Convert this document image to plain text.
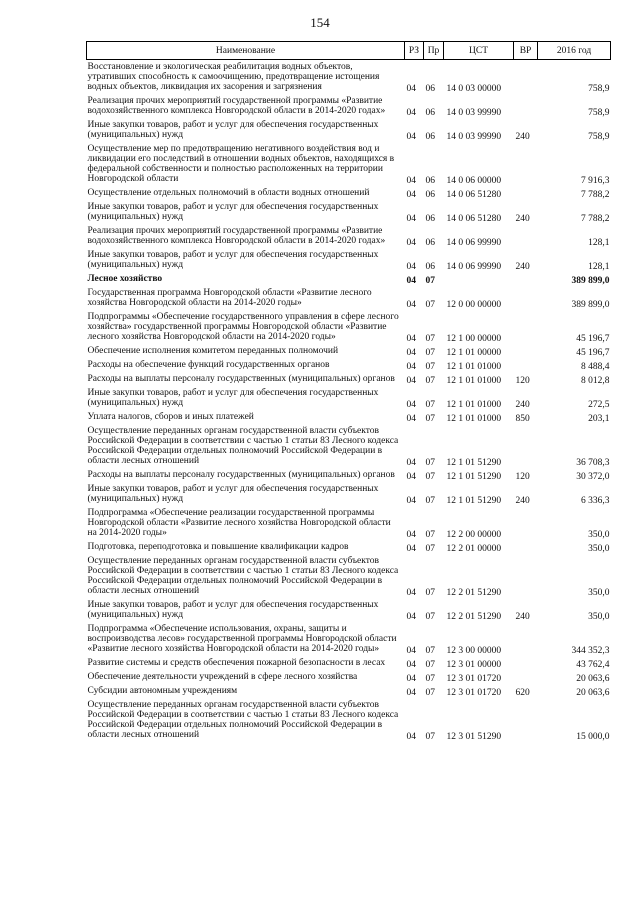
154
Наименование	РЗ	Пр	ЦСТ	ВР	2016 год
Восстановление и экологическая реабилитация водных объектов, утративших способность к самоочищению, предотвращение истощения водных объектов, ликвидация их засорения и загрязнения	04	06	14 0 03 00000		758,9
Реализация прочих мероприятий государственной программы «Развитие водохозяйственного комплекса Новгородской области в 2014-2020 годах»	04	06	14 0 03 99990		758,9
Иные закупки товаров, работ и услуг для обеспечения государственных (муниципальных) нужд	04	06	14 0 03 99990	240	758,9
Осуществление мер по предотвращению негативного воздействия вод и ликвидации его последствий в отношении водных объектов, находящихся в федеральной собственности и полностью расположенных на территории Новгородской области	04	06	14 0 06 00000		7 916,3
Осуществление отдельных полномочий в области водных отношений	04	06	14 0 06 51280		7 788,2
Иные закупки товаров, работ и услуг для обеспечения государственных (муниципальных) нужд	04	06	14 0 06 51280	240	7 788,2
Реализация прочих мероприятий государственной программы «Развитие водохозяйственного комплекса Новгородской области в 2014-2020 годах»	04	06	14 0 06 99990		128,1
Иные закупки товаров, работ и услуг для обеспечения государственных (муниципальных) нужд	04	06	14 0 06 99990	240	128,1
Лесное хозяйство	04	07			389 899,0
Государственная программа Новгородской области «Развитие лесного хозяйства Новгородской области на 2014-2020 годы»	04	07	12 0 00 00000		389 899,0
Подпрограммы «Обеспечение государственного управления в сфере лесного хозяйства» государственной программы Новгородской области «Развитие лесного хозяйства Новгородской области на 2014-2020 годы»	04	07	12 1 00 00000		45 196,7
Обеспечение исполнения комитетом переданных полномочий	04	07	12 1 01 00000		45 196,7
Расходы на обеспечение функций государственных органов	04	07	12 1 01 01000		8 488,4
Расходы на выплаты персоналу государственных (муниципальных) органов	04	07	12 1 01 01000	120	8 012,8
Иные закупки товаров, работ и услуг для обеспечения государственных (муниципальных) нужд	04	07	12 1 01 01000	240	272,5
Уплата налогов, сборов и иных платежей	04	07	12 1 01 01000	850	203,1
Осуществление переданных органам государственной власти субъектов Российской Федерации в соответствии с частью 1 статьи 83 Лесного кодекса Российской Федерации отдельных полномочий Российской Федерации в области лесных отношений	04	07	12 1 01 51290		36 708,3
Расходы на выплаты персоналу государственных (муниципальных) органов	04	07	12 1 01 51290	120	30 372,0
Иные закупки товаров, работ и услуг для обеспечения государственных (муниципальных) нужд	04	07	12 1 01 51290	240	6 336,3
Подпрограмма «Обеспечение реализации государственной программы Новгородской области «Развитие лесного хозяйства Новгородской области на 2014-2020 годы»	04	07	12 2 00 00000		350,0
Подготовка, переподготовка и повышение квалификации кадров	04	07	12 2 01 00000		350,0
Осуществление переданных органам государственной власти субъектов Российской Федерации в соответствии с частью 1 статьи 83 Лесного кодекса Российской Федерации отдельных полномочий Российской Федерации в области лесных отношений	04	07	12 2 01 51290		350,0
Иные закупки товаров, работ и услуг для обеспечения государственных (муниципальных) нужд	04	07	12 2 01 51290	240	350,0
Подпрограмма «Обеспечение использования, охраны, защиты и воспроизводства лесов» государственной программы Новгородской области «Развитие лесного хозяйства Новгородской области на 2014-2020 годы»	04	07	12 3 00 00000		344 352,3
Развитие системы и средств обеспечения пожарной безопасности в лесах	04	07	12 3 01 00000		43 762,4
Обеспечение деятельности учреждений в сфере лесного хозяйства	04	07	12 3 01 01720		20 063,6
Субсидии автономным учреждениям	04	07	12 3 01 01720	620	20 063,6
Осуществление переданных органам государственной власти субъектов Российской Федерации в соответствии с частью 1 статьи 83 Лесного кодекса Российской Федерации отдельных полномочий Российской Федерации в области лесных отношений	04	07	12 3 01 51290		15 000,0
